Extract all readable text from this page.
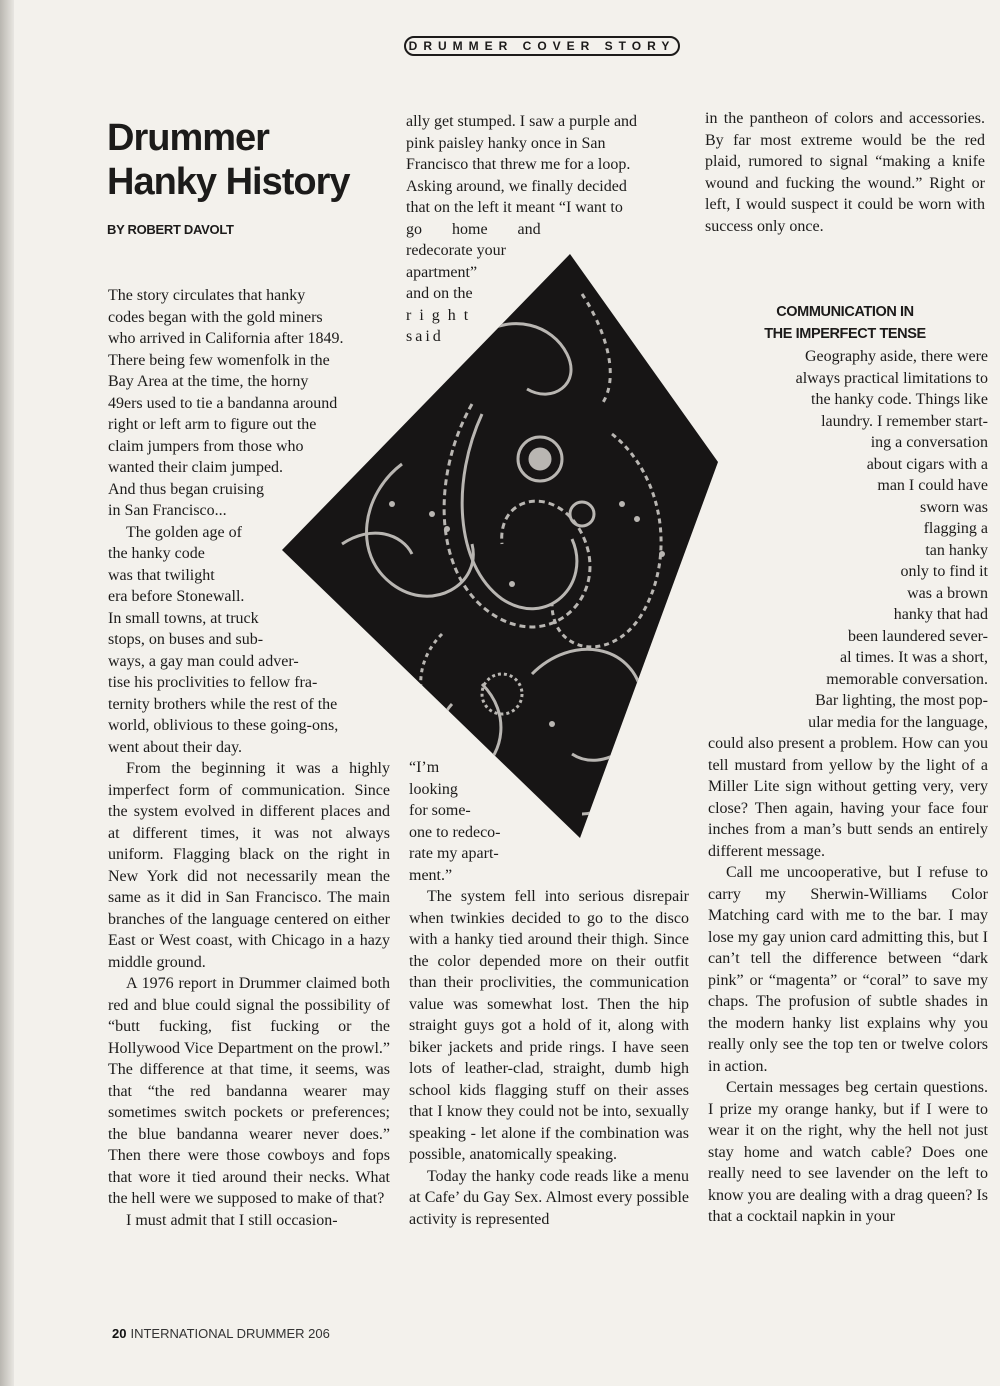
DRUMMER COVER STORY
Drummer
Hanky History
BY ROBERT DAVOLT
The story circulates that hanky
codes began with the gold miners
who arrived in California after 1849.
There being few womenfolk in the
Bay Area at the time, the horny
49ers used to tie a bandanna around
right or left arm to figure out the
claim jumpers from those who
wanted their claim jumped.
And thus began cruising
in San Francisco...
The golden age of
the hanky code
was that twilight
era before Stonewall.
In small towns, at truck
stops, on buses and sub-
ways, a gay man could adver-
tise his proclivities to fellow fra-
ternity brothers while the rest of the
world, oblivious to these going-ons,
went about their day.

From the beginning it was a highly imperfect form of communication. Since the system evolved in different places and at different times, it was not always uniform. Flagging black on the right in New York did not necessarily mean the same as it did in San Francisco. The main branches of the language centered on either East or West coast, with Chicago in a hazy middle ground.

A 1976 report in Drummer claimed both red and blue could signal the possibility of “butt fucking, fist fucking or the Hollywood Vice Department on the prowl.” The difference at that time, it seems, was that “the red bandanna wearer may sometimes switch pockets or preferences; the blue bandanna wearer never does.” Then there were those cowboys and fops that wore it tied around their necks. What the hell were we supposed to make of that?

I must admit that I still occasion-

ally get stumped. I saw a purple and
pink paisley hanky once in San
Francisco that threw me for a loop.
Asking around, we finally decided
that on the left it meant “I want to
go home and
redecorate your
apartment”
and on the
right
said
“I’m
looking
for some-
one to redeco-
rate my apart-
ment.”

The system fell into serious disrepair when twinkies decided to go to the disco with a hanky tied around their thigh. Since the color depended more on their outfit than their proclivities, the communication value was somewhat lost. Then the hip straight guys got a hold of it, along with biker jackets and pride rings. I have seen lots of leather-clad, straight, dumb high school kids flagging stuff on their asses that I know they could not be into, sexually speaking - let alone if the combination was possible, anatomically speaking.

Today the hanky code reads like a menu at Cafe’ du Gay Sex. Almost every possible activity is represented

in the pantheon of colors and accessories. By far most extreme would be the red plaid, rumored to signal “making a knife wound and fucking the wound.” Right or left, I would suspect it could be worn with success only once.

COMMUNICATION IN
THE IMPERFECT TENSE
Geography aside, there were
always practical limitations to
the hanky code. Things like
laundry. I remember start-
ing a conversation
about cigars with a
man I could have
sworn was
flagging a
tan hanky
only to find it
was a brown
hanky that had
been laundered sever-
al times. It was a short,
memorable conversation.
Bar lighting, the most pop-
ular media for the language,

could also present a problem. How can you tell mustard from yellow by the light of a Miller Lite sign without getting very, very close? Then again, having your face four inches from a man’s butt sends an entirely different message.

Call me uncooperative, but I refuse to carry my Sherwin-Williams Color Matching card with me to the bar. I may lose my gay union card admitting this, but I can’t tell the difference between “dark pink” or “magenta” or “coral” to save my chaps. The profusion of subtle shades in the modern hanky list explains why you really only see the top ten or twelve colors in action.

Certain messages beg certain questions. I prize my orange hanky, but if I were to wear it on the right, why the hell not just stay home and watch cable? Does one really need to see lavender on the left to know you are dealing with a drag queen? Is that a cocktail napkin in your

20 INTERNATIONAL DRUMMER 206
